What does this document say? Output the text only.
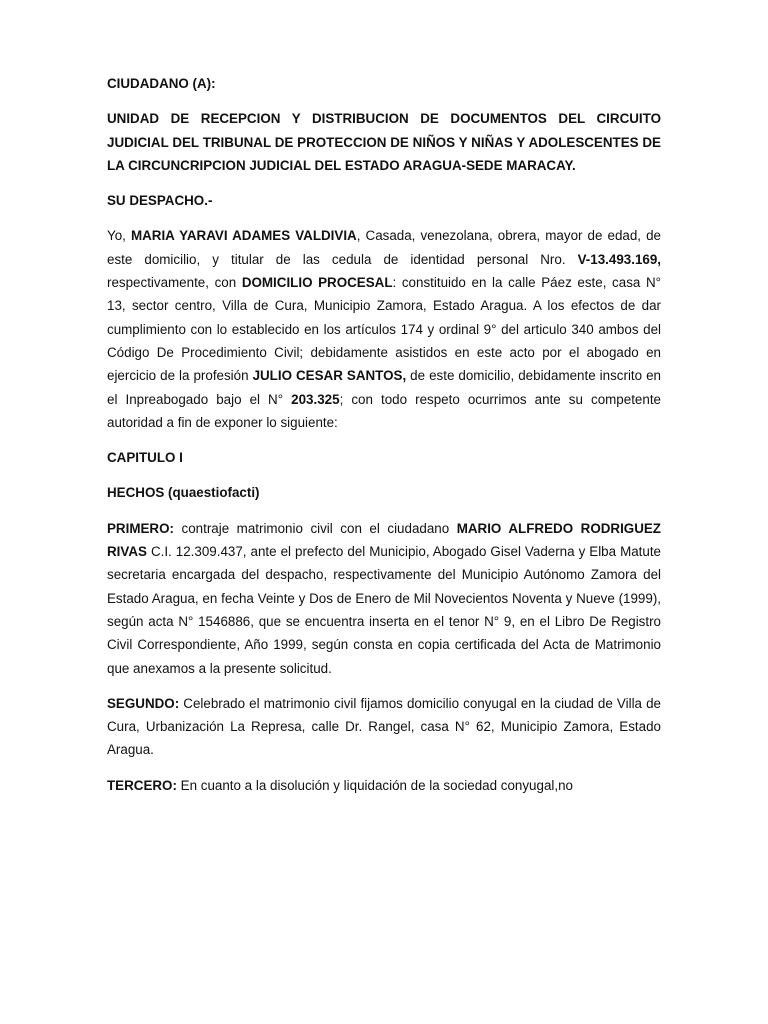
CIUDADANO (A):

UNIDAD DE RECEPCION Y DISTRIBUCION DE DOCUMENTOS DEL CIRCUITO JUDICIAL DEL TRIBUNAL DE PROTECCION DE NIÑOS Y NIÑAS Y ADOLESCENTES DE LA CIRCUNCRIPCION JUDICIAL DEL ESTADO ARAGUA-SEDE MARACAY.

SU DESPACHO.-

Yo, MARIA YARAVI ADAMES VALDIVIA, Casada, venezolana, obrera, mayor de edad, de este domicilio, y titular de las cedula de identidad personal Nro. V-13.493.169, respectivamente, con DOMICILIO PROCESAL: constituido en la calle Páez este, casa N° 13, sector centro, Villa de Cura, Municipio Zamora, Estado Aragua. A los efectos de dar cumplimiento con lo establecido en los artículos 174 y ordinal 9° del articulo 340 ambos del Código De Procedimiento Civil; debidamente asistidos en este acto por el abogado en ejercicio de la profesión JULIO CESAR SANTOS, de este domicilio, debidamente inscrito en el Inpreabogado bajo el N° 203.325; con todo respeto ocurrimos ante su competente autoridad a fin de exponer lo siguiente:

CAPITULO I

HECHOS (quaestiofacti)

PRIMERO: contraje matrimonio civil con el ciudadano MARIO ALFREDO RODRIGUEZ RIVAS C.I. 12.309.437, ante el prefecto del Municipio, Abogado Gisel Vaderna y Elba Matute secretaria encargada del despacho, respectivamente del Municipio Autónomo Zamora del Estado Aragua, en fecha Veinte y Dos de Enero de Mil Novecientos Noventa y Nueve (1999), según acta N° 1546886, que se encuentra inserta en el tenor N° 9, en el Libro De Registro Civil Correspondiente, Año 1999, según consta en copia certificada del Acta de Matrimonio que anexamos a la presente solicitud.

SEGUNDO: Celebrado el matrimonio civil fijamos domicilio conyugal en la ciudad de Villa de Cura, Urbanización La Represa, calle Dr. Rangel, casa N° 62, Municipio Zamora, Estado Aragua.

TERCERO: En cuanto a la disolución y liquidación de la sociedad conyugal,no
